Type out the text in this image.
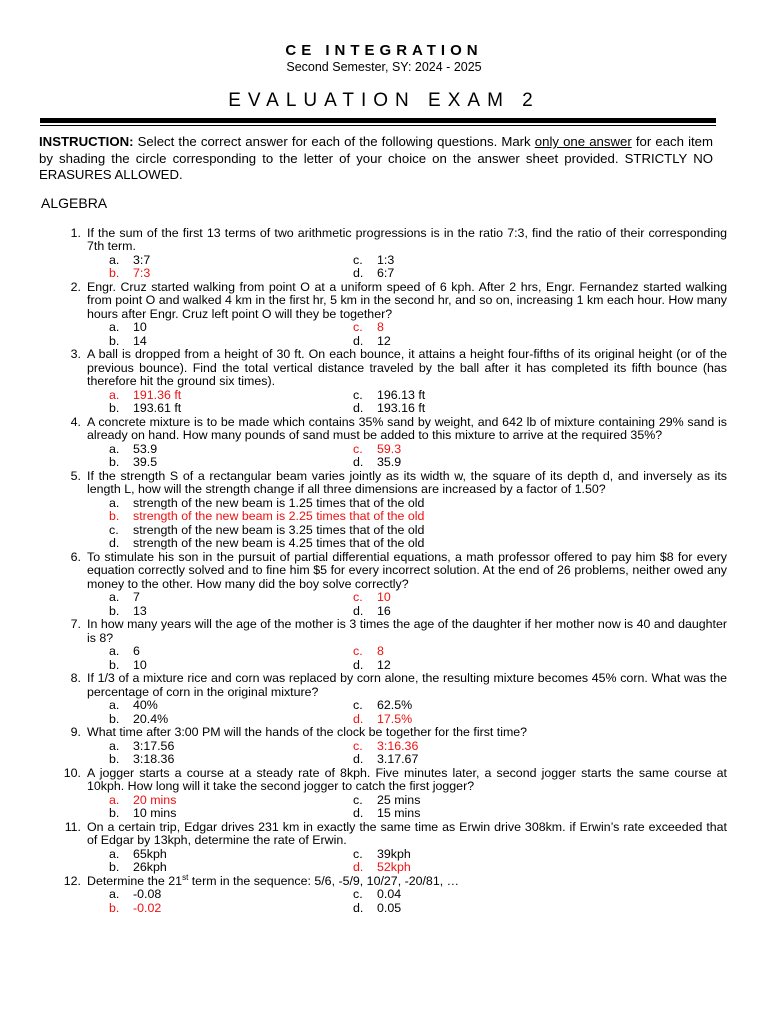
CE INTEGRATION
Second Semester, SY: 2024 - 2025
EVALUATION EXAM 2
INSTRUCTION: Select the correct answer for each of the following questions. Mark only one answer for each item by shading the circle corresponding to the letter of your choice on the answer sheet provided. STRICTLY NO ERASURES ALLOWED.
ALGEBRA
1. If the sum of the first 13 terms of two arithmetic progressions is in the ratio 7:3, find the ratio of their corresponding 7th term.
a. 3:7	c. 1:3
b. 7:3	d. 6:7
2. Engr. Cruz started walking from point O at a uniform speed of 6 kph. After 2 hrs, Engr. Fernandez started walking from point O and walked 4 km in the first hr, 5 km in the second hr, and so on, increasing 1 km each hour. How many hours after Engr. Cruz left point O will they be together?
a. 10	c. 8
b. 14	d. 12
3. A ball is dropped from a height of 30 ft. On each bounce, it attains a height four-fifths of its original height (or of the previous bounce). Find the total vertical distance traveled by the ball after it has completed its fifth bounce (has therefore hit the ground six times).
a. 191.36 ft	c. 196.13 ft
b. 193.61 ft	d. 193.16 ft
4. A concrete mixture is to be made which contains 35% sand by weight, and 642 lb of mixture containing 29% sand is already on hand. How many pounds of sand must be added to this mixture to arrive at the required 35%?
a. 53.9	c. 59.3
b. 39.5	d. 35.9
5. If the strength S of a rectangular beam varies jointly as its width w, the square of its depth d, and inversely as its length L, how will the strength change if all three dimensions are increased by a factor of 1.50?
a. strength of the new beam is 1.25 times that of the old
b. strength of the new beam is 2.25 times that of the old
c. strength of the new beam is 3.25 times that of the old
d. strength of the new beam is 4.25 times that of the old
6. To stimulate his son in the pursuit of partial differential equations, a math professor offered to pay him $8 for every equation correctly solved and to fine him $5 for every incorrect solution. At the end of 26 problems, neither owed any money to the other. How many did the boy solve correctly?
a. 7	c. 10
b. 13	d. 16
7. In how many years will the age of the mother is 3 times the age of the daughter if her mother now is 40 and daughter is 8?
a. 6	c. 8
b. 10	d. 12
8. If 1/3 of a mixture rice and corn was replaced by corn alone, the resulting mixture becomes 45% corn. What was the percentage of corn in the original mixture?
a. 40%	c. 62.5%
b. 20.4%	d. 17.5%
9. What time after 3:00 PM will the hands of the clock be together for the first time?
a. 3:17.56	c. 3:16.36
b. 3:18.36	d. 3.17.67
10. A jogger starts a course at a steady rate of 8kph. Five minutes later, a second jogger starts the same course at 10kph. How long will it take the second jogger to catch the first jogger?
a. 20 mins	c. 25 mins
b. 10 mins	d. 15 mins
11. On a certain trip, Edgar drives 231 km in exactly the same time as Erwin drive 308km. if Erwin’s rate exceeded that of Edgar by 13kph, determine the rate of Erwin.
a. 65kph	c. 39kph
b. 26kph	d. 52kph
12. Determine the 21st term in the sequence: 5/6, -5/9, 10/27, -20/81, …
a. -0.08	c. 0.04
b. -0.02	d. 0.05
